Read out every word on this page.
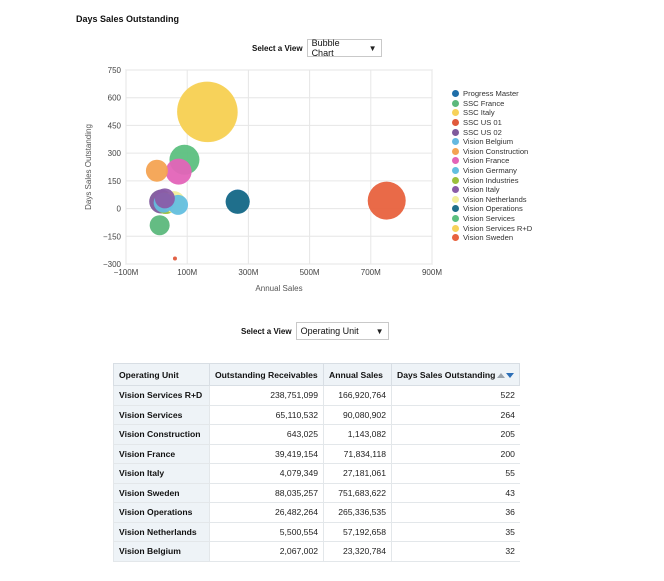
Days Sales Outstanding
Select a View Bubble Chart	▼
−300
−150
0
150
300
450
600
750
−100M	100M	300M	500M	700M	900M
Annual Sales
Days Sales Outstanding
Progress Master
SSC France
SSC Italy
SSC US 01
SSC US 02
Vision Belgium
Vision Construction
Vision France
Vision Germany
Vision Industries
Vision Italy
Vision Netherlands
Vision Operations
Vision Services
Vision Services R+D
Vision Sweden
Select a View Operating Unit ▼
Operating Unit	Outstanding Receivables	Annual Sales	Days Sales Outstanding

Vision Services R+D	238,751,099	166,920,764	522
Vision Services	65,110,532	90,080,902	264
Vision Construction	643,025	1,143,082	205
Vision France	39,419,154	71,834,118	200
Vision Italy	4,079,349	27,181,061	55
Vision Sweden	88,035,257	751,683,622	43
Vision Operations	26,482,264	265,336,535	36
Vision Netherlands	5,500,554	57,192,658	35
Vision Belgium	2,067,002	23,320,784	32
